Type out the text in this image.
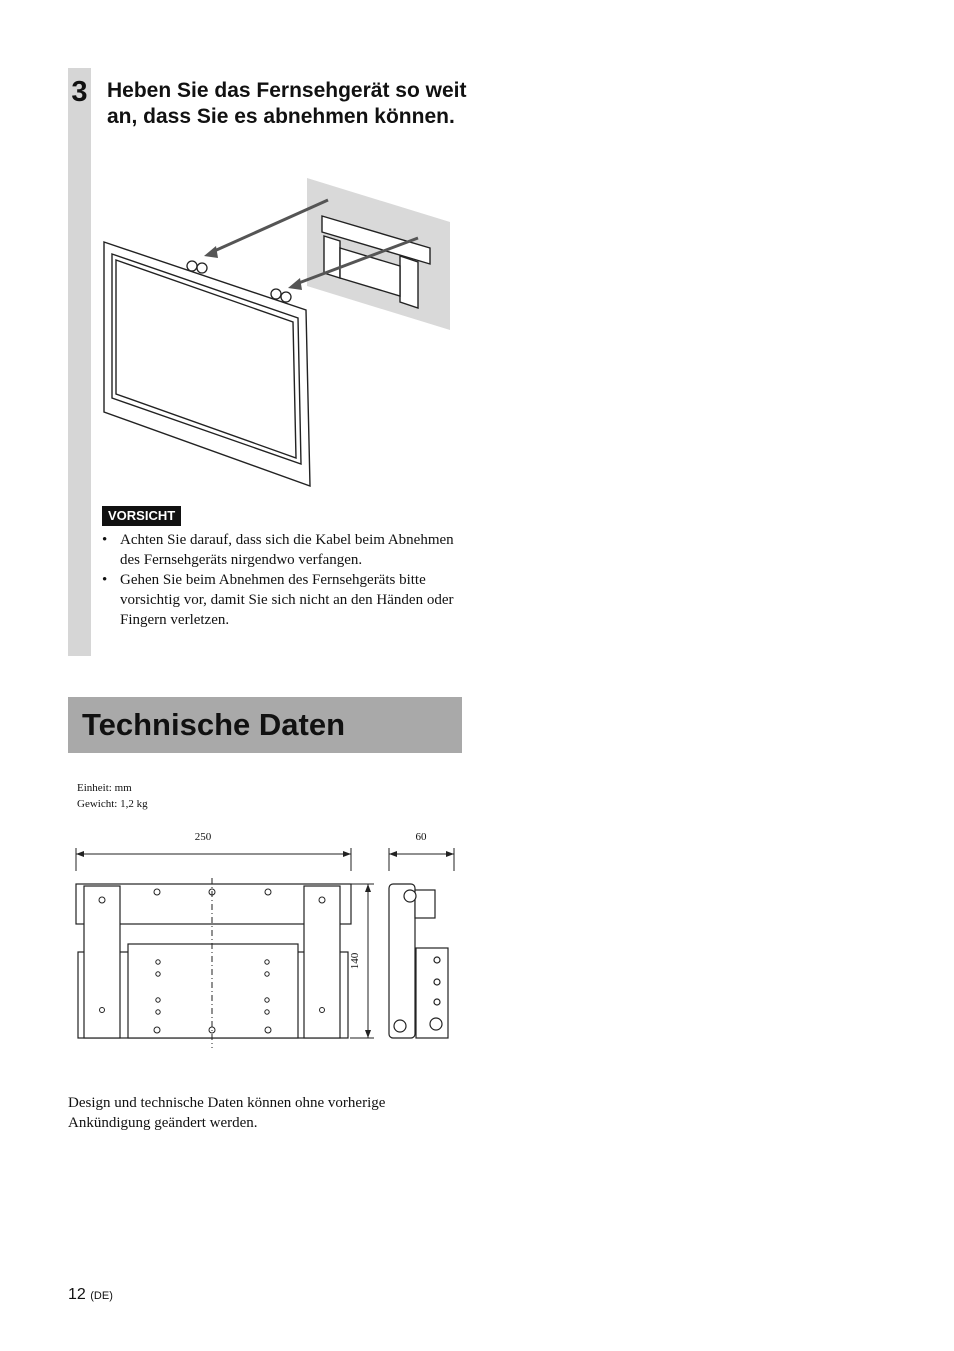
3 Heben Sie das Fernsehgerät so weit an, dass Sie es abnehmen können.
VORSICHT
• Achten Sie darauf, dass sich die Kabel beim Abnehmen des Fernsehgeräts nirgendwo verfangen.
• Gehen Sie beim Abnehmen des Fernsehgeräts bitte vorsichtig vor, damit Sie sich nicht an den Händen oder Fingern verletzen.
Technische Daten
Einheit: mm
Gewicht: 1,2 kg
250	60
140

Design und technische Daten können ohne vorherige Ankündigung geändert werden.

12 (DE)
